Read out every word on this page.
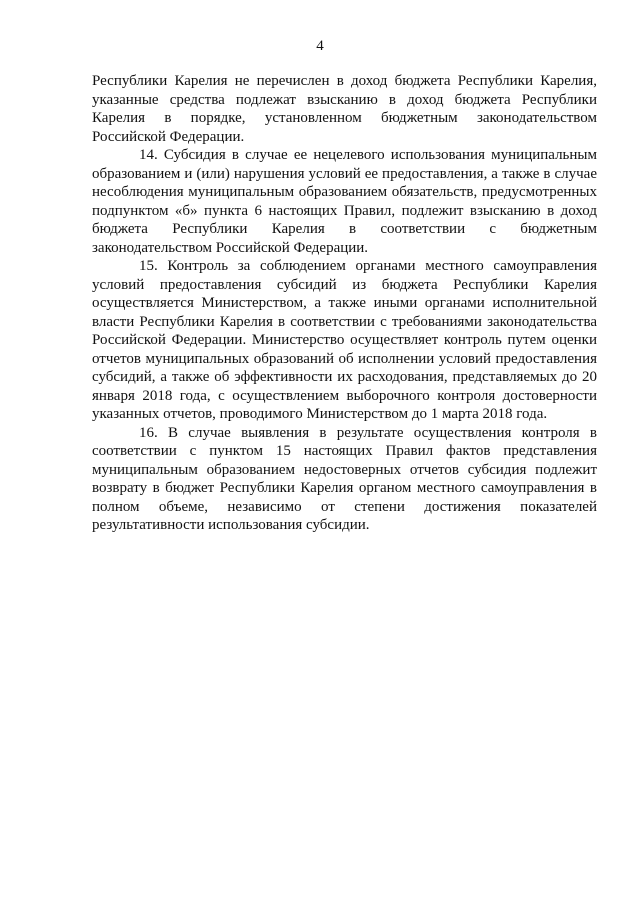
4

Республики Карелия не перечислен в доход бюджета Республики Карелия, указанные средства подлежат взысканию в доход бюджета Республики Карелия в порядке, установленном бюджетным законодательством Российской Федерации.

14. Субсидия в случае ее нецелевого использования муниципальным образованием и (или) нарушения условий ее предоставления, а также в случае несоблюдения муниципальным образованием обязательств, предусмотренных подпунктом «б» пункта 6 настоящих Правил, подлежит взысканию в доход бюджета Республики Карелия в соответствии с бюджетным законодательством Российской Федерации.

15. Контроль за соблюдением органами местного самоуправления условий предоставления субсидий из бюджета Республики Карелия осуществляется Министерством, а также иными органами исполнительной власти Республики Карелия в соответствии с требованиями законодательства Российской Федерации. Министерство осуществляет контроль путем оценки отчетов муниципальных образований об исполнении условий предоставления субсидий, а также об эффективности их расходования, представляемых до 20 января 2018 года, с осуществлением выборочного контроля достоверности указанных отчетов, проводимого Министерством до 1 марта 2018 года.

16. В случае выявления в результате осуществления контроля в соответствии с пунктом 15 настоящих Правил фактов представления муниципальным образованием недостоверных отчетов субсидия подлежит возврату в бюджет Республики Карелия органом местного самоуправления в полном объеме, независимо от степени достижения показателей результативности использования субсидии.
